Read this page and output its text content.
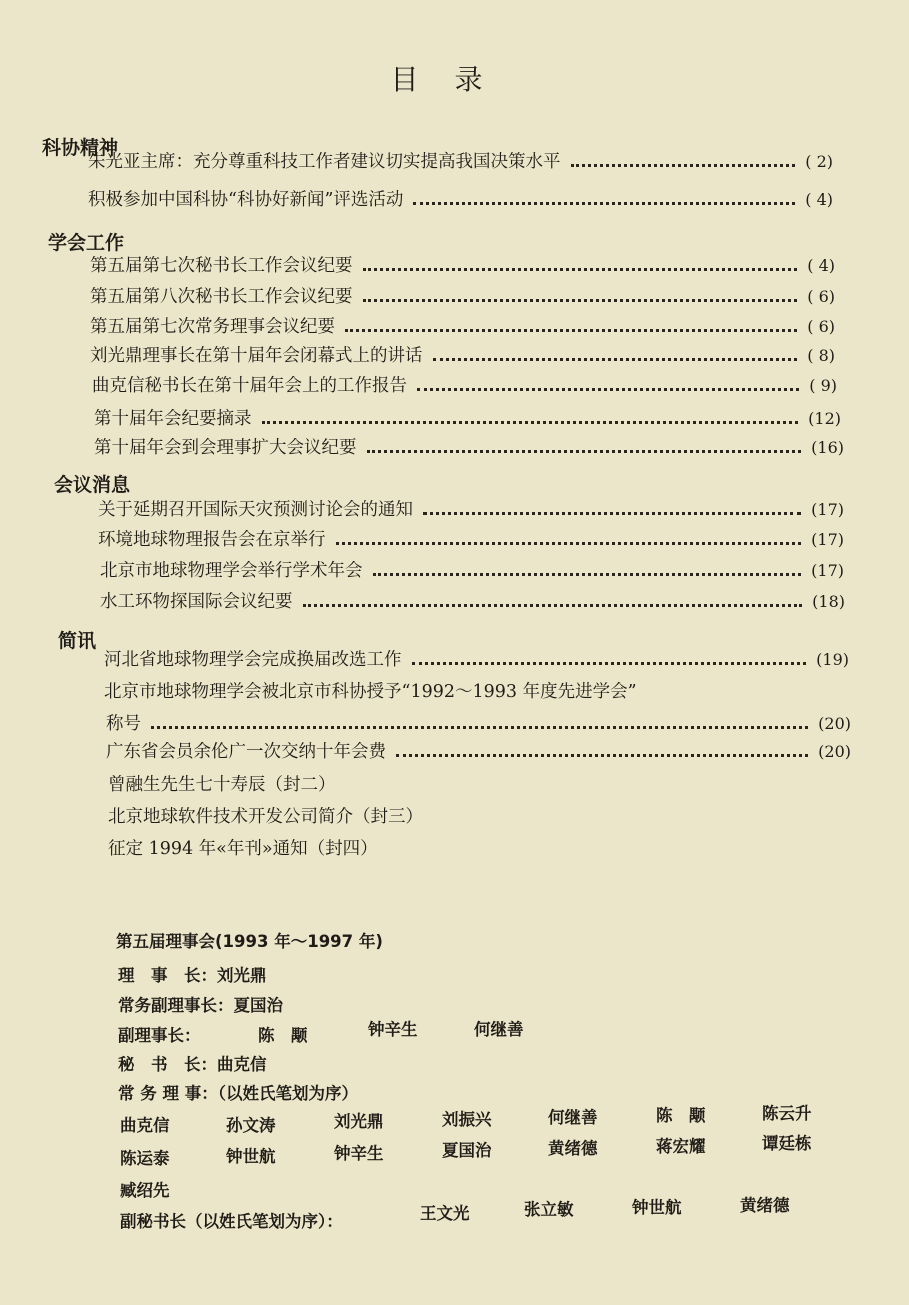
目录
科协精神
朱光亚主席：充分尊重科技工作者建议切实提高我国决策水平	( 2)
积极参加中国科协“科协好新闻”评选活动	( 4)
学会工作
第五届第七次秘书长工作会议纪要	( 4)
第五届第八次秘书长工作会议纪要	( 6)
第五届第七次常务理事会议纪要	( 6)
刘光鼎理事长在第十届年会闭幕式上的讲话	( 8)
曲克信秘书长在第十届年会上的工作报告	( 9)
第十届年会纪要摘录	(12)
第十届年会到会理事扩大会议纪要	(16)
会议消息
关于延期召开国际天灾预测讨论会的通知	(17)
环境地球物理报告会在京举行	(17)
北京市地球物理学会举行学术年会	(17)
水工环物探国际会议纪要	(18)
简讯
河北省地球物理学会完成换届改选工作	(19)
北京市地球物理学会被北京市科协授予“1992～1993 年度先进学会”
称号	(20)
广东省会员余伦广一次交纳十年会费	(20)
曾融生先生七十寿辰（封二）
北京地球软件技术开发公司简介（封三）
征定 1994 年«年刊»通知（封四）
第五届理事会(1993 年～1997 年)
理　事　长：刘光鼎
常务副理事长：夏国治
副理事长：	陈　颙	钟辛生	何继善
秘　书　长：曲克信
常 务 理 事：（以姓氏笔划为序）
曲克信	孙文涛	刘光鼎	刘振兴	何继善	陈　颙	陈云升
陈运泰	钟世航	钟辛生	夏国治	黄绪德	蒋宏耀	谭廷栋
臧绍先
副秘书长（以姓氏笔划为序）：	王文光	张立敏	钟世航	黄绪德
